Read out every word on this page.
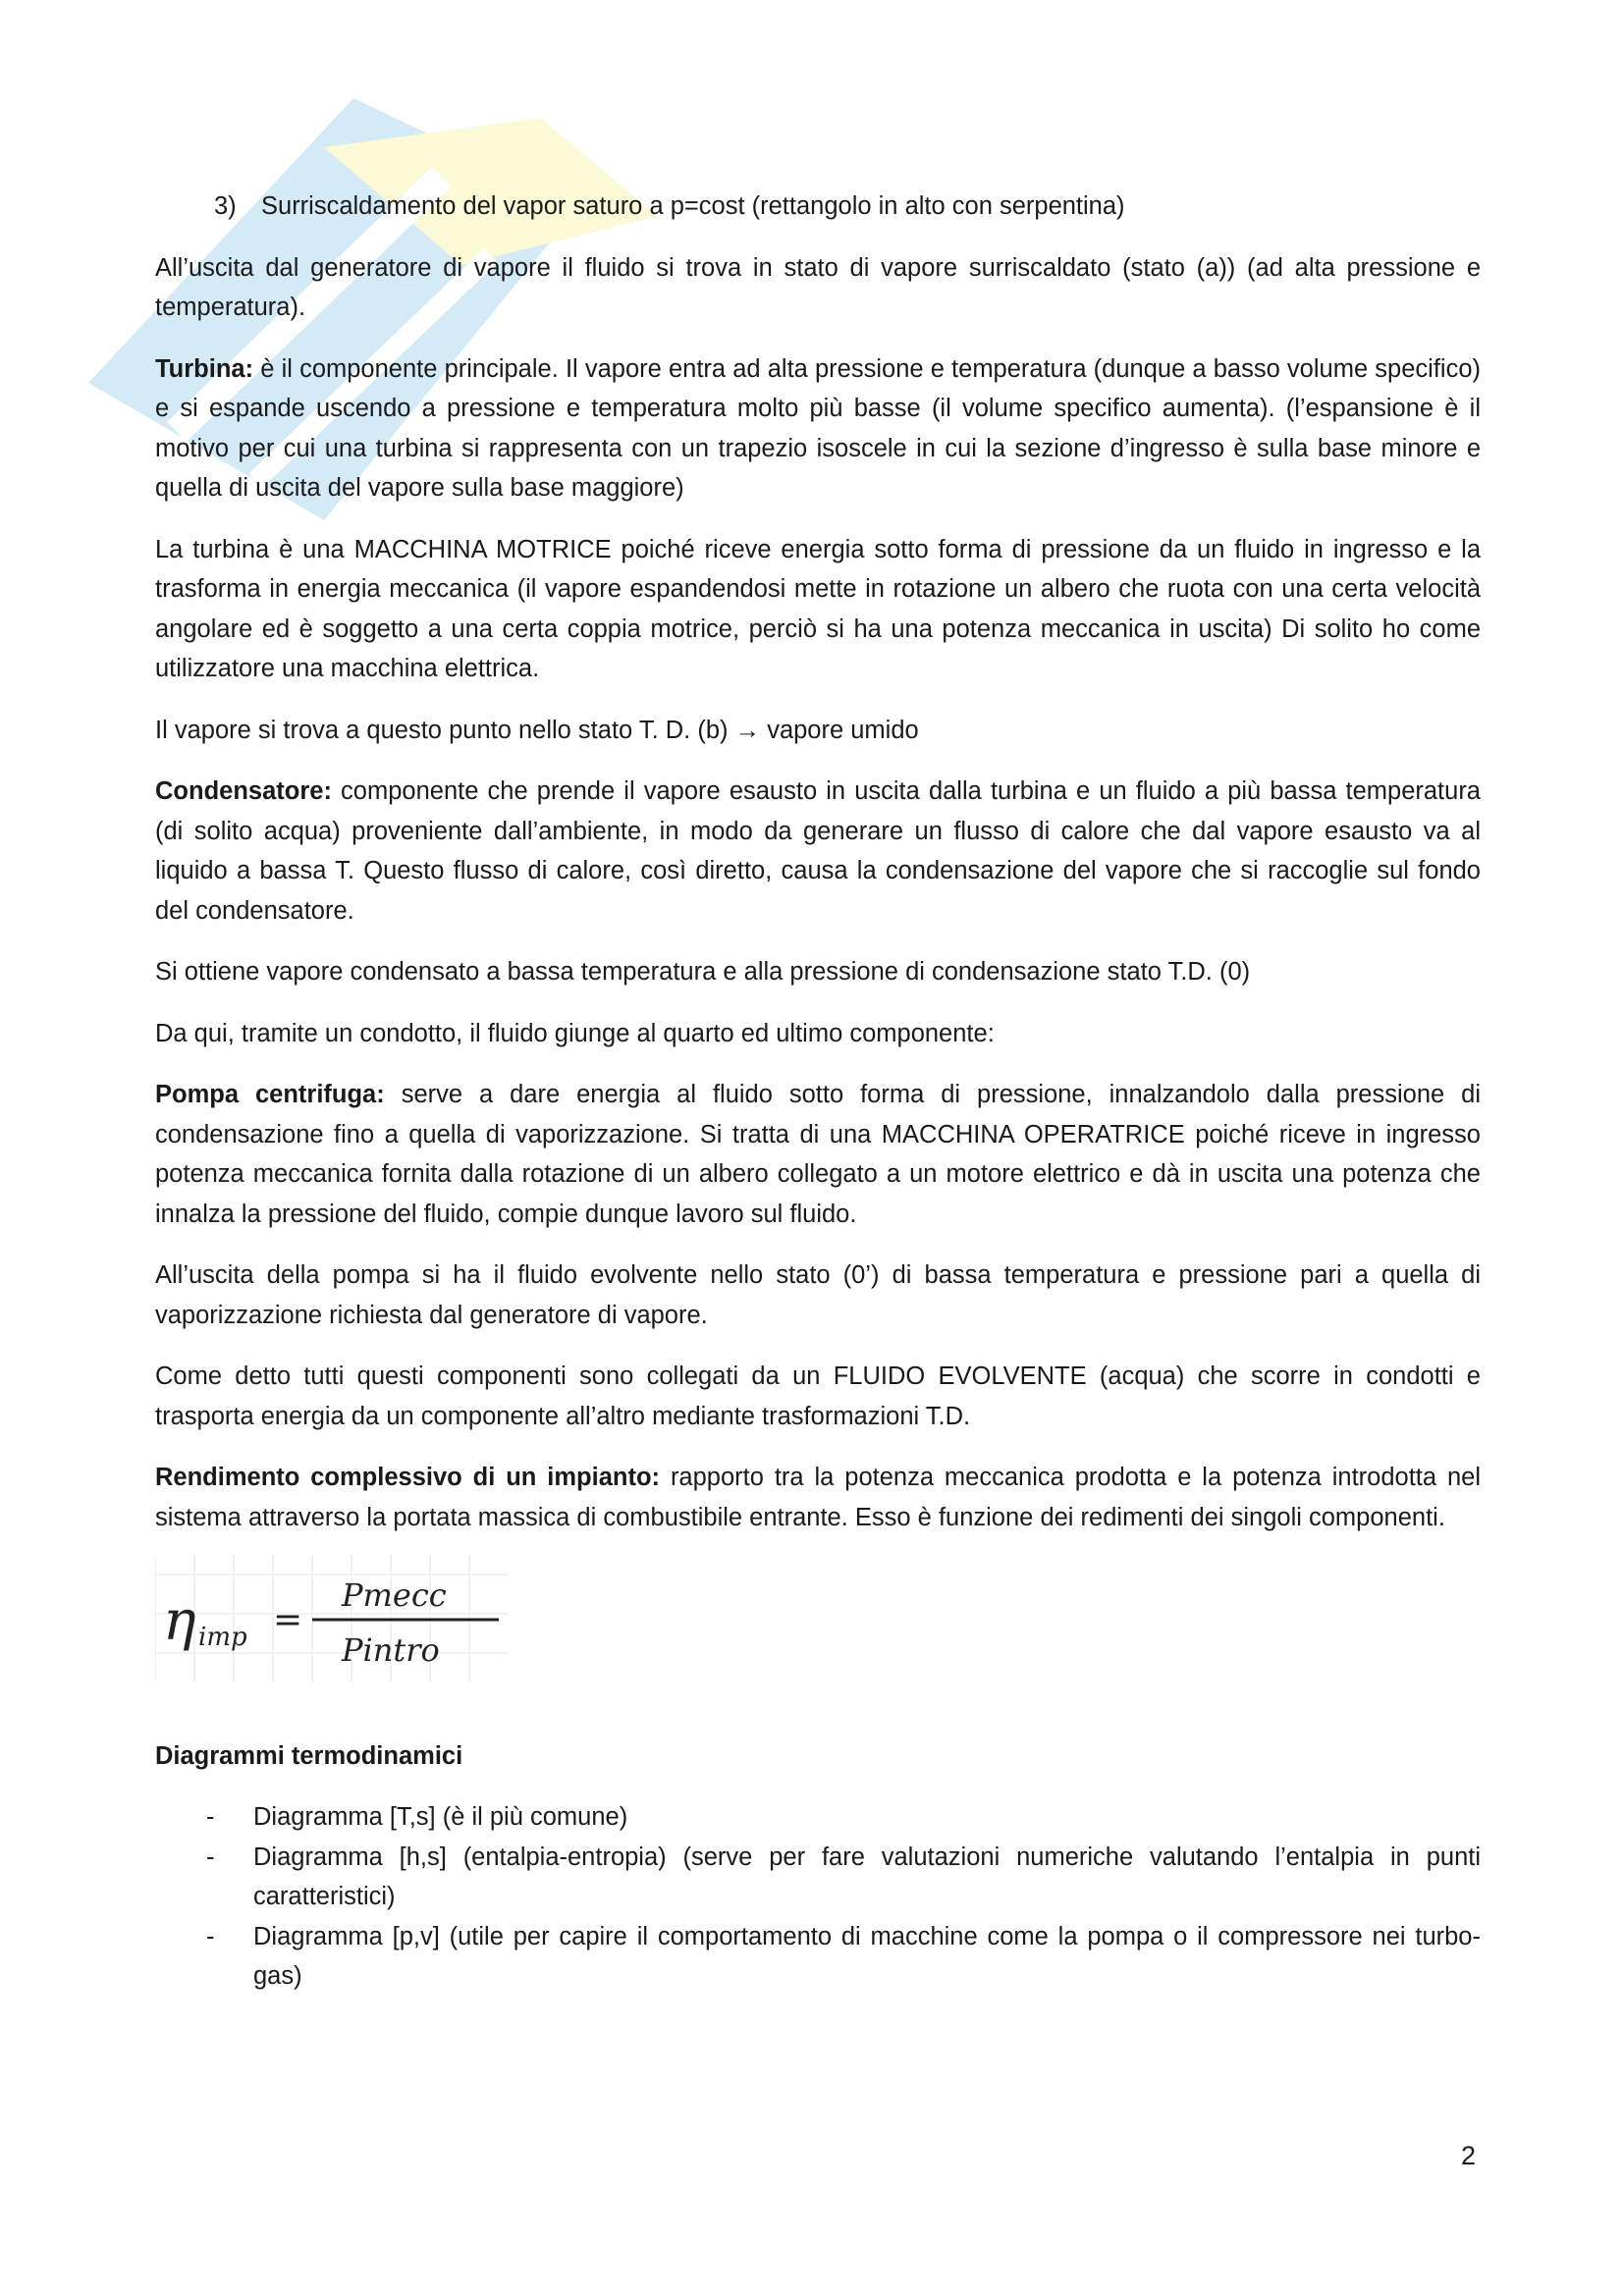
3) Surriscaldamento del vapor saturo a p=cost (rettangolo in alto con serpentina)

All’uscita dal generatore di vapore il fluido si trova in stato di vapore surriscaldato (stato (a)) (ad alta pressione e temperatura).

Turbina: è il componente principale. Il vapore entra ad alta pressione e temperatura (dunque a basso volume specifico) e si espande uscendo a pressione e temperatura molto più basse (il volume specifico aumenta). (l’espansione è il motivo per cui una turbina si rappresenta con un trapezio isoscele in cui la sezione d’ingresso è sulla base minore e quella di uscita del vapore sulla base maggiore)

La turbina è una MACCHINA MOTRICE poiché riceve energia sotto forma di pressione da un fluido in ingresso e la trasforma in energia meccanica (il vapore espandendosi mette in rotazione un albero che ruota con una certa velocità angolare ed è soggetto a una certa coppia motrice, perciò si ha una potenza meccanica in uscita) Di solito ho come utilizzatore una macchina elettrica.

Il vapore si trova a questo punto nello stato T. D. (b) → vapore umido

Condensatore: componente che prende il vapore esausto in uscita dalla turbina e un fluido a più bassa temperatura (di solito acqua) proveniente dall’ambiente, in modo da generare un flusso di calore che dal vapore esausto va al liquido a bassa T. Questo flusso di calore, così diretto, causa la condensazione del vapore che si raccoglie sul fondo del condensatore.

Si ottiene vapore condensato a bassa temperatura e alla pressione di condensazione stato T.D. (0)

Da qui, tramite un condotto, il fluido giunge al quarto ed ultimo componente:

Pompa centrifuga: serve a dare energia al fluido sotto forma di pressione, innalzandolo dalla pressione di condensazione fino a quella di vaporizzazione. Si tratta di una MACCHINA OPERATRICE poiché riceve in ingresso potenza meccanica fornita dalla rotazione di un albero collegato a un motore elettrico e dà in uscita una potenza che innalza la pressione del fluido, compie dunque lavoro sul fluido.

All’uscita della pompa si ha il fluido evolvente nello stato (0’) di bassa temperatura e pressione pari a quella di vaporizzazione richiesta dal generatore di vapore.

Come detto tutti questi componenti sono collegati da un FLUIDO EVOLVENTE (acqua) che scorre in condotti e trasporta energia da un componente all’altro mediante trasformazioni T.D.

Rendimento complessivo di un impianto: rapporto tra la potenza meccanica prodotta e la potenza introdotta nel sistema attraverso la portata massica di combustibile entrante. Esso è funzione dei redimenti dei singoli componenti.

η imp =
Pmecc
Pintro

Diagrammi termodinamici

- Diagramma [T,s] (è il più comune)
- Diagramma [h,s] (entalpia-entropia) (serve per fare valutazioni numeriche valutando l’entalpia in punti caratteristici)
- Diagramma [p,v] (utile per capire il comportamento di macchine come la pompa o il compressore nei turbo-gas)
2
